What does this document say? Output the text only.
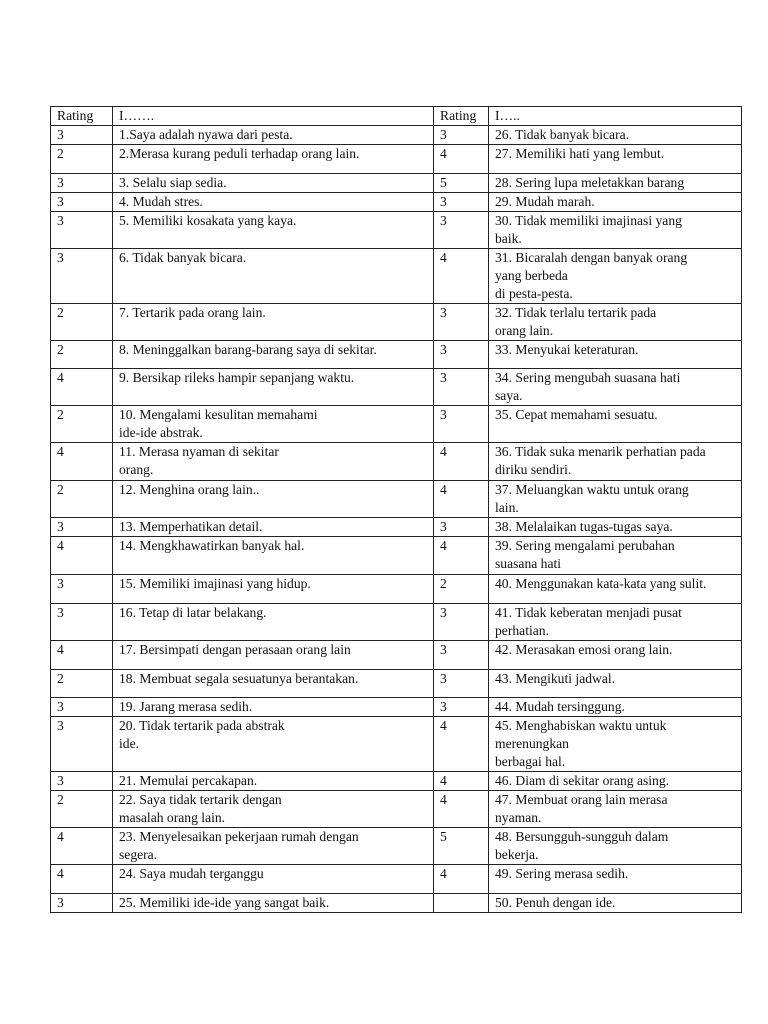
Rating	I…….	Rating	I…..
3	1.Saya adalah nyawa dari pesta.	3	26. Tidak banyak bicara.
2	2.Merasa kurang peduli terhadap orang lain.	4	27. Memiliki hati yang lembut.
3	3. Selalu siap sedia.	5	28. Sering lupa meletakkan barang
3	4. Mudah stres.	3	29. Mudah marah.
3	5. Memiliki kosakata yang kaya.	3	30. Tidak memiliki imajinasi yang
baik.
3	6. Tidak banyak bicara.	4	31. Bicaralah dengan banyak orang
yang berbeda
di pesta-pesta.
2	7. Tertarik pada orang lain.	3	32. Tidak terlalu tertarik pada
orang lain.
2	8. Meninggalkan barang-barang saya di sekitar.	3	33. Menyukai keteraturan.
4	9. Bersikap rileks hampir sepanjang waktu.	3	34. Sering mengubah suasana hati
saya.
2	10. Mengalami kesulitan memahami
ide-ide abstrak.	3	35. Cepat memahami sesuatu.
4	11. Merasa nyaman di sekitar
orang.	4	36. Tidak suka menarik perhatian pada
diriku sendiri.
2	12. Menghina orang lain..	4	37. Meluangkan waktu untuk orang
lain.
3	13. Memperhatikan detail.	3	38. Melalaikan tugas-tugas saya.
4	14. Mengkhawatirkan banyak hal.	4	39. Sering mengalami perubahan
suasana hati
3	15. Memiliki imajinasi yang hidup.	2	40. Menggunakan kata-kata yang sulit.
3	16. Tetap di latar belakang.	3	41. Tidak keberatan menjadi pusat
perhatian.
4	17. Bersimpati dengan perasaan orang lain	3	42. Merasakan emosi orang lain.
2	18. Membuat segala sesuatunya berantakan.	3	43. Mengikuti jadwal.
3	19. Jarang merasa sedih.	3	44. Mudah tersinggung.
3	20. Tidak tertarik pada abstrak
ide.	4	45. Menghabiskan waktu untuk
merenungkan
berbagai hal.
3	21. Memulai percakapan.	4	46. Diam di sekitar orang asing.
2	22. Saya tidak tertarik dengan
masalah orang lain.	4	47. Membuat orang lain merasa
nyaman.
4	23. Menyelesaikan pekerjaan rumah dengan
segera.	5	48. Bersungguh-sungguh dalam
bekerja.
4	24. Saya mudah terganggu	4	49. Sering merasa sedih.
3	25. Memiliki ide-ide yang sangat baik.		50. Penuh dengan ide.
